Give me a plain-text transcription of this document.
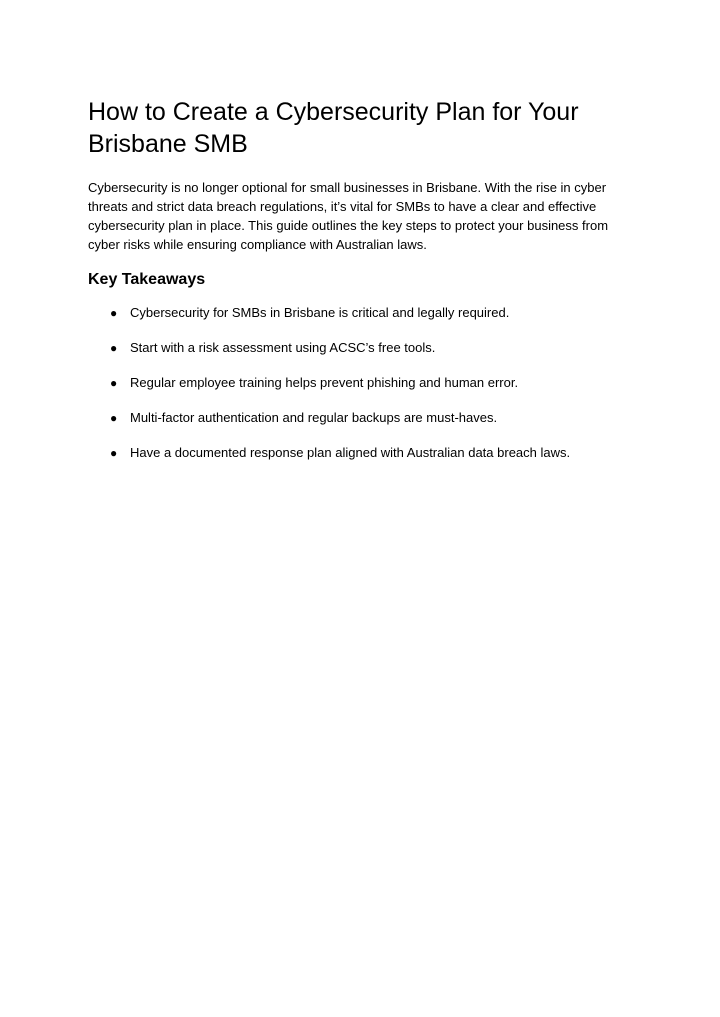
How to Create a Cybersecurity Plan for Your Brisbane SMB

Cybersecurity is no longer optional for small businesses in Brisbane. With the rise in cyber threats and strict data breach regulations, it’s vital for SMBs to have a clear and effective cybersecurity plan in place. This guide outlines the key steps to protect your business from cyber risks while ensuring compliance with Australian laws.

Key Takeaways
● Cybersecurity for SMBs in Brisbane is critical and legally required.
● Start with a risk assessment using ACSC’s free tools.
● Regular employee training helps prevent phishing and human error.
● Multi-factor authentication and regular backups are must-haves.
● Have a documented response plan aligned with Australian data breach laws.
